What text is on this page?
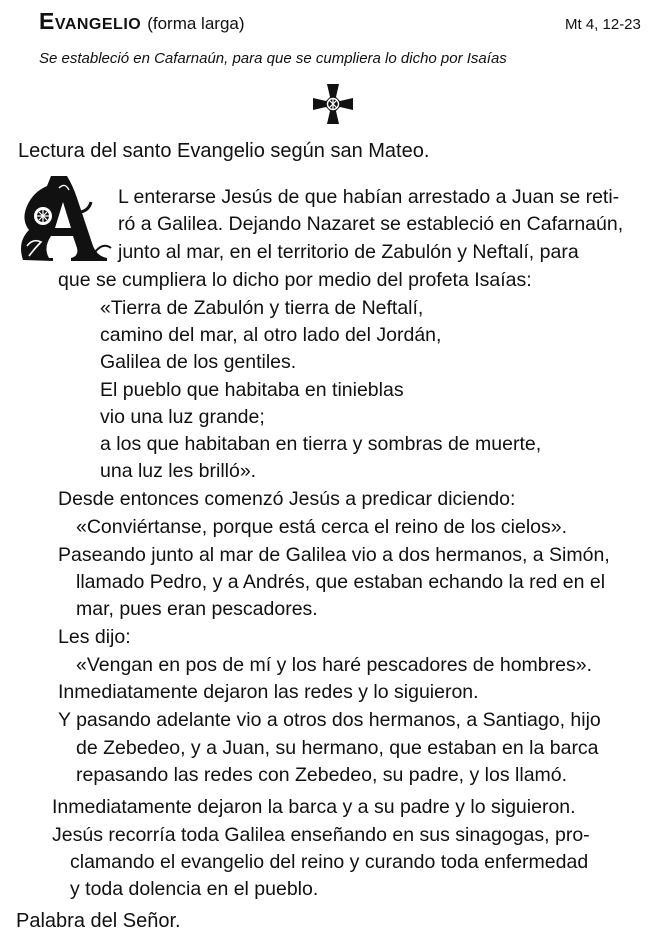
Evangelio (forma larga)	Mt 4, 12-23
Se estableció en Cafarnaún, para que se cumpliera lo dicho por Isaías
Lectura del santo Evangelio según san Mateo.
A
L enterarse Jesús de que habían arrestado a Juan se reti-
ró a Galilea. Dejando Nazaret se estableció en Cafarnaún,
junto al mar, en el territorio de Zabulón y Neftalí, para
que se cumpliera lo dicho por medio del profeta Isaías:
«Tierra de Zabulón y tierra de Neftalí,
camino del mar, al otro lado del Jordán,
Galilea de los gentiles.
El pueblo que habitaba en tinieblas
vio una luz grande;
a los que habitaban en tierra y sombras de muerte,
una luz les brilló».
Desde entonces comenzó Jesús a predicar diciendo:
«Conviértanse, porque está cerca el reino de los cielos».
Paseando junto al mar de Galilea vio a dos hermanos, a Simón,
llamado Pedro, y a Andrés, que estaban echando la red en el
mar, pues eran pescadores.
Les dijo:
«Vengan en pos de mí y los haré pescadores de hombres».
Inmediatamente dejaron las redes y lo siguieron.
Y pasando adelante vio a otros dos hermanos, a Santiago, hijo
de Zebedeo, y a Juan, su hermano, que estaban en la barca
repasando las redes con Zebedeo, su padre, y los llamó.
Inmediatamente dejaron la barca y a su padre y lo siguieron.
Jesús recorría toda Galilea enseñando en sus sinagogas, pro-
clamando el evangelio del reino y curando toda enfermedad
y toda dolencia en el pueblo.
Palabra del Señor.
